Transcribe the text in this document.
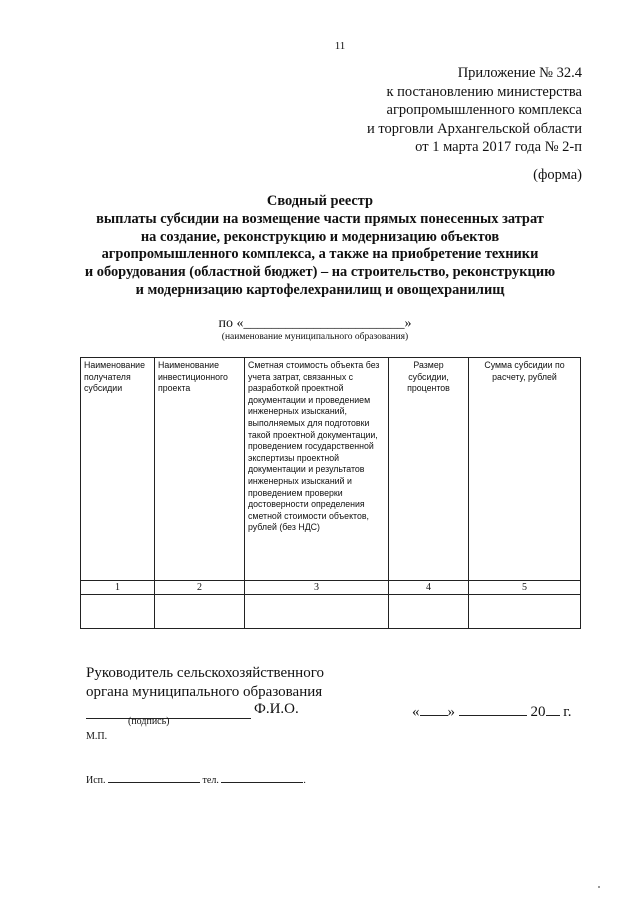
11
Приложение № 32.4
к постановлению министерства
агропромышленного комплекса
и торговли Архангельской области
от 1 марта 2017 года № 2-п
(форма)
Сводный реестр
выплаты субсидии на возмещение части прямых понесенных затрат
на создание, реконструкцию и модернизацию объектов
агропромышленного комплекса, а также на приобретение техники
и оборудования (областной бюджет) – на строительство, реконструкцию
и модернизацию картофелехранилищ и овощехранилищ
по «_______________________»
(наименование муниципального образования)
Наименование получателя субсидии	Наименование инвестиционного проекта	Сметная стоимость объекта без учета затрат, связанных с разработкой проектной документации и проведением инженерных изысканий, выполняемых для подготовки такой проектной документации, проведением государственной экспертизы проектной документации и результатов инженерных изысканий и проведением проверки достоверности определения сметной стоимости объектов, рублей (без НДС)	Размер субсидии, процентов	Сумма субсидии по расчету, рублей
1	2	3	4	5

Руководитель сельскохозяйственного
органа муниципального образования
Ф.И.О.
(подпись)
« »	20 г.
М.П.
Исп.	тел.	.
